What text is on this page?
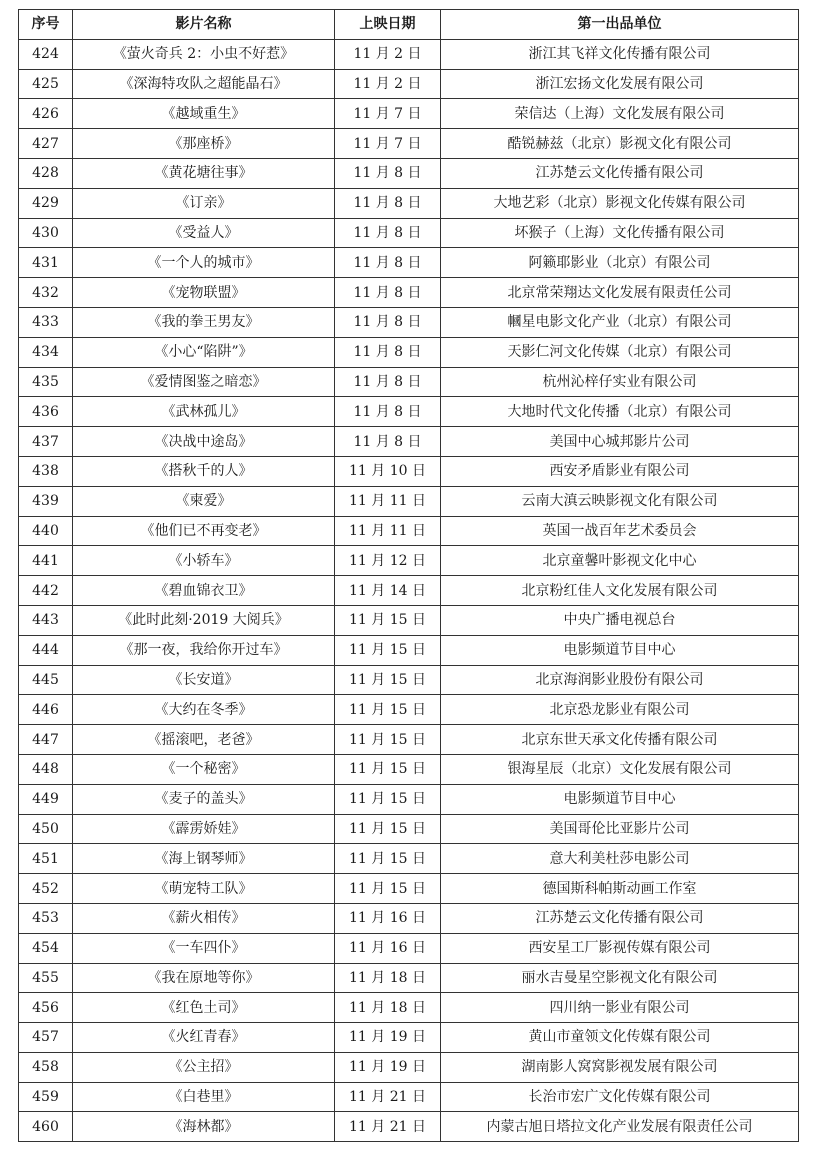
序号	影片名称	上映日期	第一出品单位
424	《萤火奇兵 2：小虫不好惹》	11 月 2 日	浙江其飞祥文化传播有限公司
425	《深海特攻队之超能晶石》	11 月 2 日	浙江宏扬文化发展有限公司
426	《越域重生》	11 月 7 日	荣信达（上海）文化发展有限公司
427	《那座桥》	11 月 7 日	酷锐赫兹（北京）影视文化有限公司
428	《黄花塘往事》	11 月 8 日	江苏楚云文化传播有限公司
429	《订亲》	11 月 8 日	大地艺彩（北京）影视文化传媒有限公司
430	《受益人》	11 月 8 日	坏猴子（上海）文化传播有限公司
431	《一个人的城市》	11 月 8 日	阿籁耶影业（北京）有限公司
432	《宠物联盟》	11 月 8 日	北京常荣翔达文化发展有限责任公司
433	《我的拳王男友》	11 月 8 日	幗星电影文化产业（北京）有限公司
434	《小心“陷阱”》	11 月 8 日	天影仁河文化传媒（北京）有限公司
435	《爱情图鉴之暗恋》	11 月 8 日	杭州沁梓仔实业有限公司
436	《武林孤儿》	11 月 8 日	大地时代文化传播（北京）有限公司
437	《决战中途岛》	11 月 8 日	美国中心城邦影片公司
438	《搭秋千的人》	11 月 10 日	西安矛盾影业有限公司
439	《柬爱》	11 月 11 日	云南大滇云映影视文化有限公司
440	《他们已不再变老》	11 月 11 日	英国一战百年艺术委员会
441	《小轿车》	11 月 12 日	北京童馨叶影视文化中心
442	《碧血锦衣卫》	11 月 14 日	北京粉红佳人文化发展有限公司
443	《此时此刻·2019 大阅兵》	11 月 15 日	中央广播电视总台
444	《那一夜，我给你开过车》	11 月 15 日	电影频道节目中心
445	《长安道》	11 月 15 日	北京海润影业股份有限公司
446	《大约在冬季》	11 月 15 日	北京恐龙影业有限公司
447	《摇滚吧，老爸》	11 月 15 日	北京东世天承文化传播有限公司
448	《一个秘密》	11 月 15 日	银海星辰（北京）文化发展有限公司
449	《麦子的盖头》	11 月 15 日	电影频道节目中心
450	《霹雳娇娃》	11 月 15 日	美国哥伦比亚影片公司
451	《海上钢琴师》	11 月 15 日	意大利美杜莎电影公司
452	《萌宠特工队》	11 月 15 日	德国斯科帕斯动画工作室
453	《薪火相传》	11 月 16 日	江苏楚云文化传播有限公司
454	《一车四仆》	11 月 16 日	西安星工厂影视传媒有限公司
455	《我在原地等你》	11 月 18 日	丽水吉曼星空影视文化有限公司
456	《红色土司》	11 月 18 日	四川纳一影业有限公司
457	《火红青春》	11 月 19 日	黄山市童领文化传媒有限公司
458	《公主招》	11 月 19 日	湖南影人窝窝影视发展有限公司
459	《白巷里》	11 月 21 日	长治市宏广文化传媒有限公司
460	《海林都》	11 月 21 日	内蒙古旭日塔拉文化产业发展有限责任公司
